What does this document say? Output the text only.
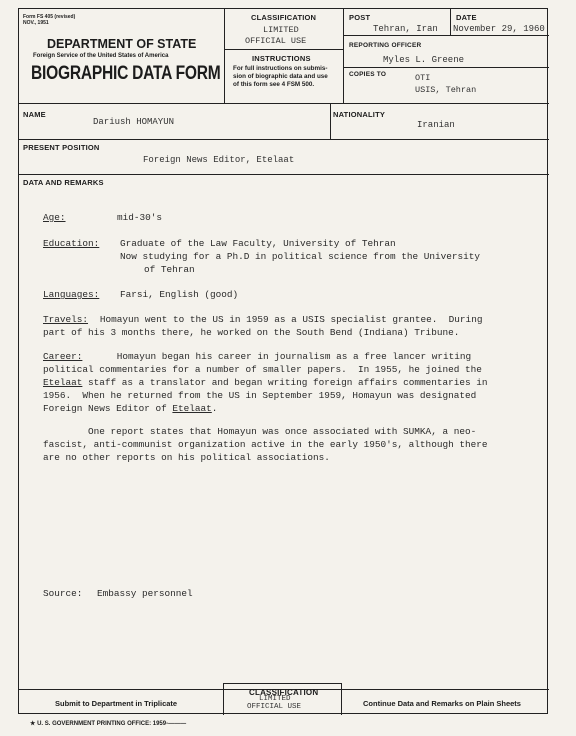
Form FS 405 (revised)
NOV., 1951
DEPARTMENT OF STATE
Foreign Service of the United States of America
BIOGRAPHIC DATA FORM
CLASSIFICATION
LIMITED
OFFICIAL USE
INSTRUCTIONS
For full instructions on submis-
sion of biographic data and use
of this form see 4 FSM 500.
POST
Tehran, Iran
DATE
November 29, 1960
REPORTING OFFICER
Myles L. Greene
COPIES TO	OTI
USIS, Tehran
NAME
Dariush HOMAYUN
NATIONALITY
Iranian
PRESENT POSITION
Foreign News Editor, Etelaat
DATA AND REMARKS
Age:	mid-30's
Education: Graduate of the Law Faculty, University of Tehran
Now studying for a Ph.D in political science from the University
of Tehran
Languages: Farsi, English (good)
Travels:
Homayun went to the US in 1959 as a USIS specialist grantee.  During
part of his 3 months there, he worked on the South Bend (Indiana) Tribune.
Career: Homayun began his career in journalism as a free lancer writing
political commentaries for a number of smaller papers.  In 1955, he joined the
Etelaat staff as a translator and began writing foreign affairs commentaries in
1956.  When he returned from the US in September 1959, Homayun was designated
Foreign News Editor of Etelaat.
One report states that Homayun was once associated with SUMKA, a neo-
fascist, anti-communist organization active in the early 1950's, although there
are no other reports on his political associations.
Source: Embassy personnel
Submit to Department in Triplicate
CLASSIFICATION
LIMITED
OFFICIAL USE	Continue Data and Remarks on Plain Sheets
★ U. S. GOVERNMENT PRINTING OFFICE: 1959-———
